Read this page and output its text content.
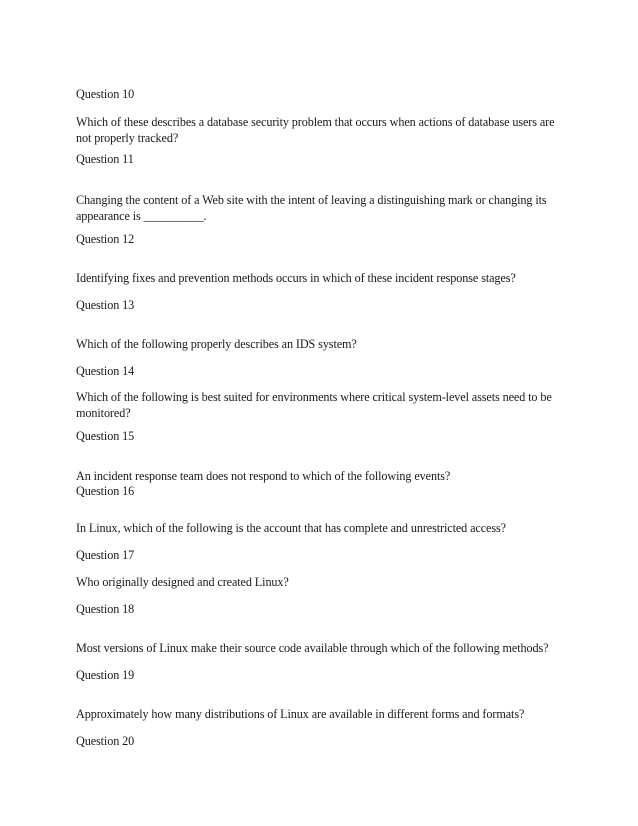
Question 10
Which of these describes a database security problem that occurs when actions of database users are not properly tracked?
Question 11
Changing the content of a Web site with the intent of leaving a distinguishing mark or changing its appearance is __________.
Question 12
Identifying fixes and prevention methods occurs in which of these incident response stages?
Question 13
Which of the following properly describes an IDS system?
Question 14
Which of the following is best suited for environments where critical system-level assets need to be monitored?
Question 15
An incident response team does not respond to which of the following events?
Question 16
In Linux, which of the following is the account that has complete and unrestricted access?
Question 17
Who originally designed and created Linux?
Question 18
Most versions of Linux make their source code available through which of the following methods?
Question 19
Approximately how many distributions of Linux are available in different forms and formats?
Question 20
